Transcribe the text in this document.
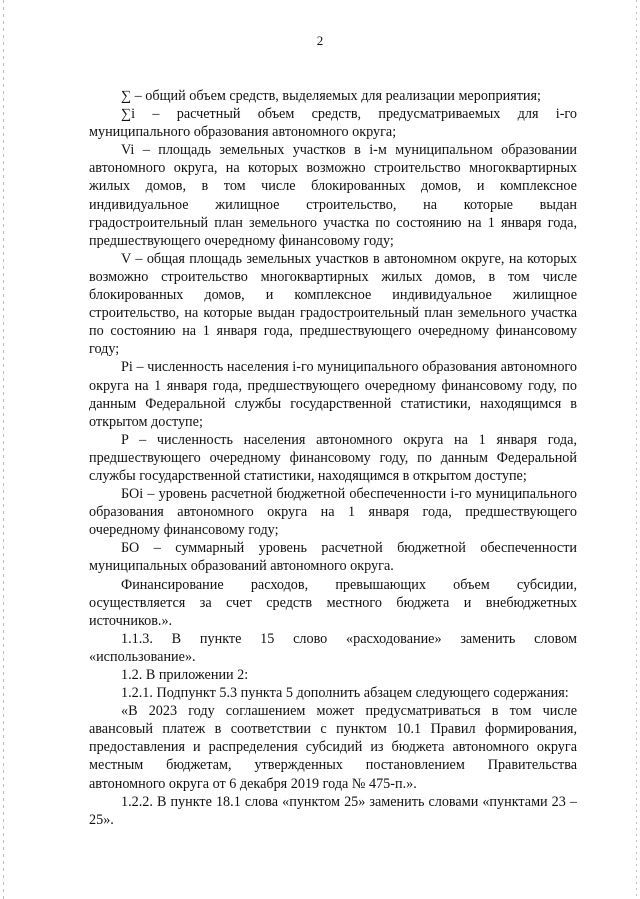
2

∑ – общий объем средств, выделяемых для реализации мероприятия;

∑i – расчетный объем средств, предусматриваемых для i-го муниципального образования автономного округа;

Vi – площадь земельных участков в i-м муниципальном образовании автономного округа, на которых возможно строительство многоквартирных жилых домов, в том числе блокированных домов, и комплексное индивидуальное жилищное строительство, на которые выдан градостроительный план земельного участка по состоянию на 1 января года, предшествующего очередному финансовому году;

V – общая площадь земельных участков в автономном округе, на которых возможно строительство многоквартирных жилых домов, в том числе блокированных домов, и комплексное индивидуальное жилищное строительство, на которые выдан градостроительный план земельного участка по состоянию на 1 января года, предшествующего очередному финансовому году;

Pi – численность населения i-го муниципального образования автономного округа на 1 января года, предшествующего очередному финансовому году, по данным Федеральной службы государственной статистики, находящимся в открытом доступе;

P – численность населения автономного округа на 1 января года, предшествующего очередному финансовому году, по данным Федеральной службы государственной статистики, находящимся в открытом доступе;

БОi – уровень расчетной бюджетной обеспеченности i-го муниципального образования автономного округа на 1 января года, предшествующего очередному финансовому году;

БО – суммарный уровень расчетной бюджетной обеспеченности муниципальных образований автономного округа.

Финансирование расходов, превышающих объем субсидии, осуществляется за счет средств местного бюджета и внебюджетных источников.».

1.1.3. В пункте 15 слово «расходование» заменить словом «использование».

1.2. В приложении 2:

1.2.1. Подпункт 5.3 пункта 5 дополнить абзацем следующего содержания:

«В 2023 году соглашением может предусматриваться в том числе авансовый платеж в соответствии с пунктом 10.1 Правил формирования, предоставления и распределения субсидий из бюджета автономного округа местным бюджетам, утвержденных постановлением Правительства автономного округа от 6 декабря 2019 года № 475-п.».

1.2.2. В пункте 18.1 слова «пунктом 25» заменить словами «пунктами 23 – 25».
